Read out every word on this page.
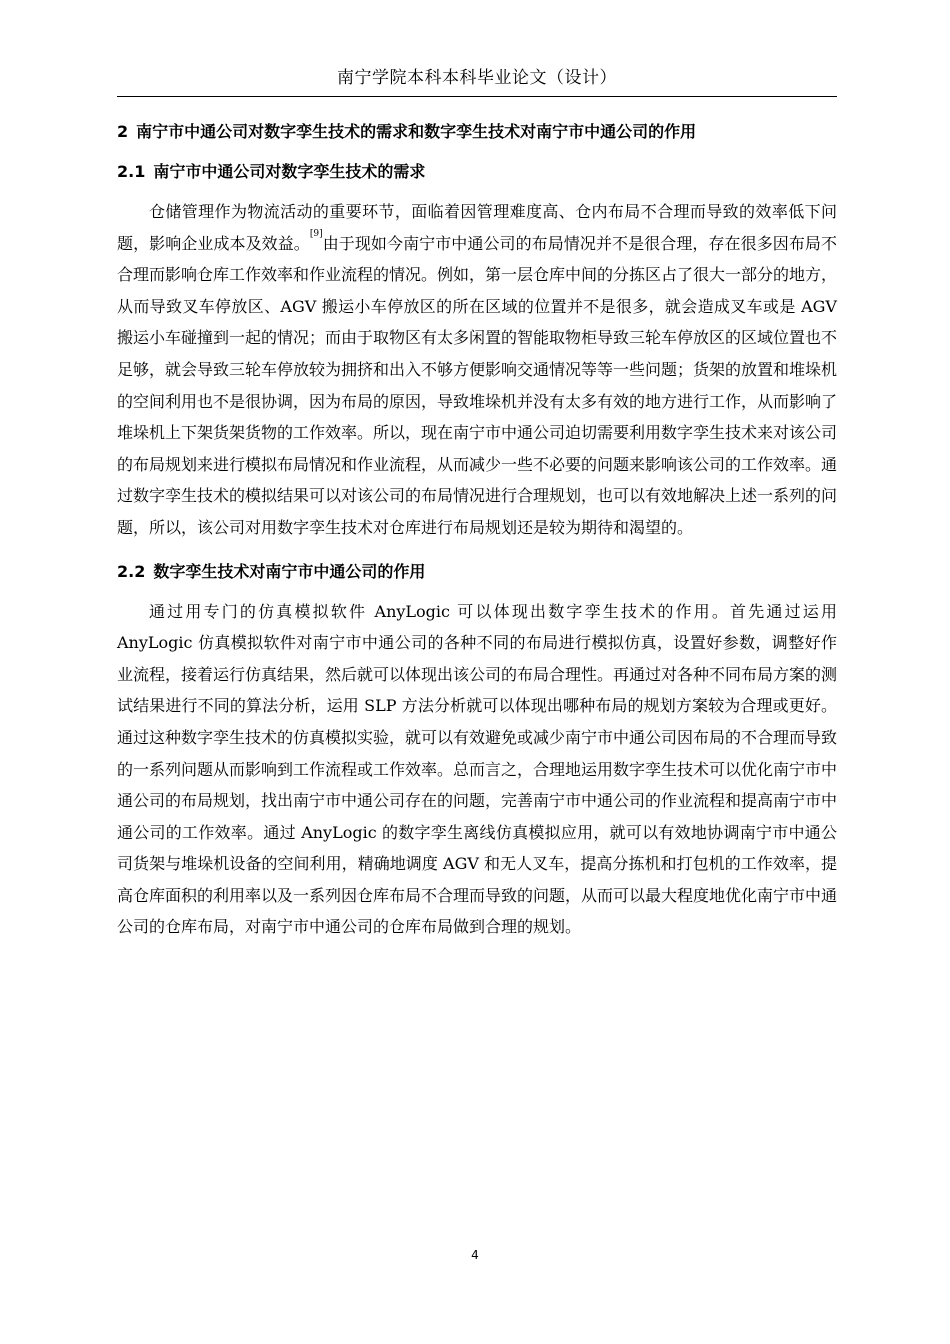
南宁学院本科本科毕业论文（设计）
2 南宁市中通公司对数字孪生技术的需求和数字孪生技术对南宁市中通公司的作用
2.1 南宁市中通公司对数字孪生技术的需求

仓储管理作为物流活动的重要环节，面临着因管理难度高、仓内布局不合理而导致的效率低下问题，影响企业成本及效益。[9]由于现如今南宁市中通公司的布局情况并不是很合理，存在很多因布局不合理而影响仓库工作效率和作业流程的情况。例如，第一层仓库中间的分拣区占了很大一部分的地方，从而导致叉车停放区、AGV 搬运小车停放区的所在区域的位置并不是很多，就会造成叉车或是 AGV 搬运小车碰撞到一起的情况；而由于取物区有太多闲置的智能取物柜导致三轮车停放区的区域位置也不足够，就会导致三轮车停放较为拥挤和出入不够方便影响交通情况等等一些问题；货架的放置和堆垛机的空间利用也不是很协调，因为布局的原因，导致堆垛机并没有太多有效的地方进行工作，从而影响了堆垛机上下架货架货物的工作效率。所以，现在南宁市中通公司迫切需要利用数字孪生技术来对该公司的布局规划来进行模拟布局情况和作业流程，从而减少一些不必要的问题来影响该公司的工作效率。通过数字孪生技术的模拟结果可以对该公司的布局情况进行合理规划，也可以有效地解决上述一系列的问题，所以，该公司对用数字孪生技术对仓库进行布局规划还是较为期待和渴望的。

2.2 数字孪生技术对南宁市中通公司的作用

通过用专门的仿真模拟软件 AnyLogic 可以体现出数字孪生技术的作用。首先通过运用 AnyLogic 仿真模拟软件对南宁市中通公司的各种不同的布局进行模拟仿真，设置好参数，调整好作业流程，接着运行仿真结果，然后就可以体现出该公司的布局合理性。再通过对各种不同布局方案的测试结果进行不同的算法分析，运用 SLP 方法分析就可以体现出哪种布局的规划方案较为合理或更好。通过这种数字孪生技术的仿真模拟实验，就可以有效避免或减少南宁市中通公司因布局的不合理而导致的一系列问题从而影响到工作流程或工作效率。总而言之，合理地运用数字孪生技术可以优化南宁市中通公司的布局规划，找出南宁市中通公司存在的问题，完善南宁市中通公司的作业流程和提高南宁市中通公司的工作效率。通过 AnyLogic 的数字孪生离线仿真模拟应用，就可以有效地协调南宁市中通公司货架与堆垛机设备的空间利用，精确地调度 AGV 和无人叉车，提高分拣机和打包机的工作效率，提高仓库面积的利用率以及一系列因仓库布局不合理而导致的问题，从而可以最大程度地优化南宁市中通公司的仓库布局，对南宁市中通公司的仓库布局做到合理的规划。

4
